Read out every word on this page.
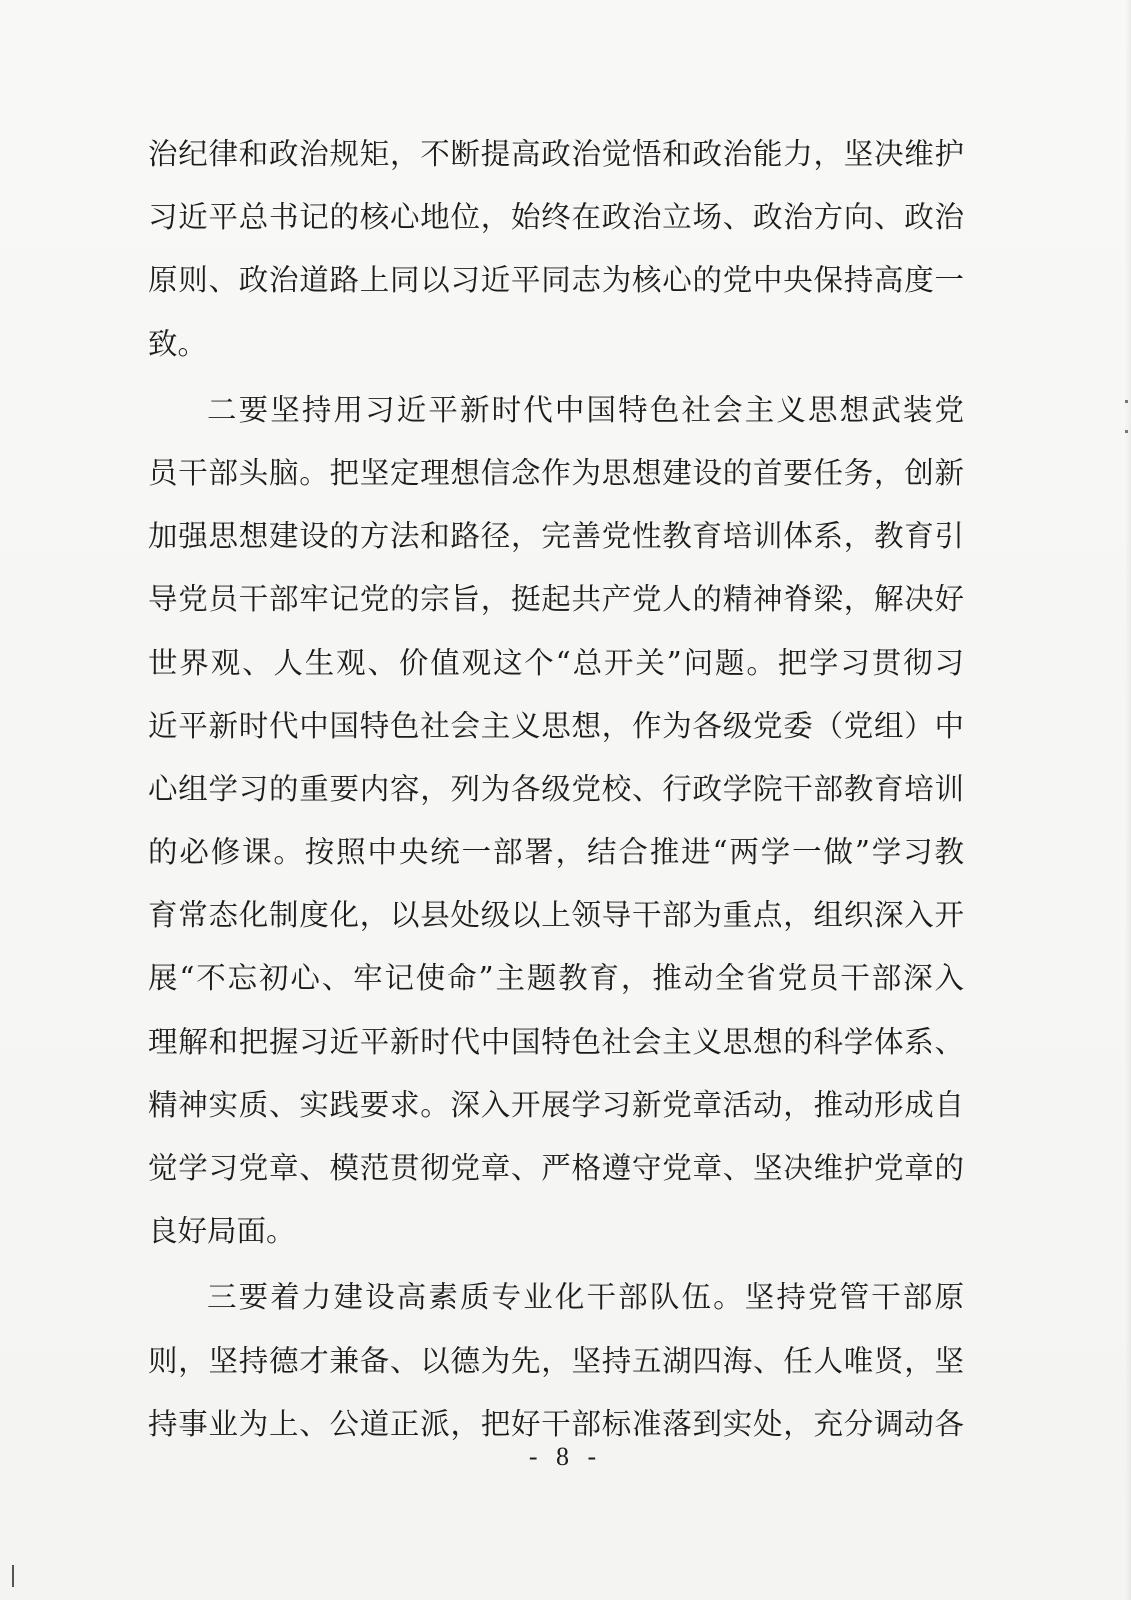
治纪律和政治规矩，不断提高政治觉悟和政治能力，坚决维护
习近平总书记的核心地位，始终在政治立场、政治方向、政治
原则、政治道路上同以习近平同志为核心的党中央保持高度一
致。
二要坚持用习近平新时代中国特色社会主义思想武装党
员干部头脑。把坚定理想信念作为思想建设的首要任务，创新
加强思想建设的方法和路径，完善党性教育培训体系，教育引
导党员干部牢记党的宗旨，挺起共产党人的精神脊梁，解决好
世界观、人生观、价值观这个“总开关”问题。把学习贯彻习
近平新时代中国特色社会主义思想，作为各级党委（党组）中
心组学习的重要内容，列为各级党校、行政学院干部教育培训
的必修课。按照中央统一部署，结合推进“两学一做”学习教
育常态化制度化，以县处级以上领导干部为重点，组织深入开
展“不忘初心、牢记使命”主题教育，推动全省党员干部深入
理解和把握习近平新时代中国特色社会主义思想的科学体系、
精神实质、实践要求。深入开展学习新党章活动，推动形成自
觉学习党章、模范贯彻党章、严格遵守党章、坚决维护党章的
良好局面。
三要着力建设高素质专业化干部队伍。坚持党管干部原
则，坚持德才兼备、以德为先，坚持五湖四海、任人唯贤，坚
持事业为上、公道正派，把好干部标准落到实处，充分调动各
- 8 -
